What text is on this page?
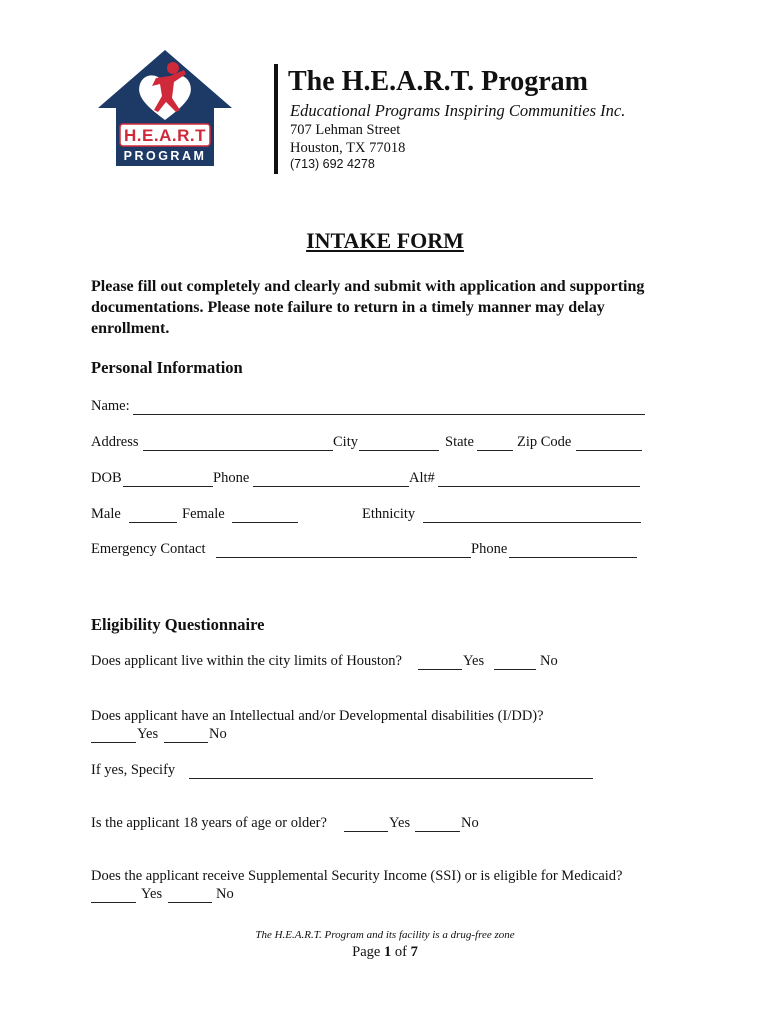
H.E.A.R.T
PROGRAM
The H.E.A.R.T. Program
Educational Programs Inspiring Communities Inc.
707 Lehman Street
Houston, TX 77018
(713) 692 4278
INTAKE FORM
Please fill out completely and clearly and submit with application and supporting documentations. Please note failure to return in a timely manner may delay enrollment.
Personal Information
Name:
Address	City	State	Zip Code
DOB	Phone	Alt#
Male	Female	Ethnicity
Emergency Contact	Phone
Eligibility Questionnaire
Does applicant live within the city limits of Houston?	Yes	No
Does applicant have an Intellectual and/or Developmental disabilities (I/DD)?
Yes	No
If yes, Specify
Is the applicant 18 years of age or older?	Yes	No
Does the applicant receive Supplemental Security Income (SSI) or is eligible for Medicaid?
Yes	No
The H.E.A.R.T. Program and its facility is a drug-free zone
Page 1 of 7
